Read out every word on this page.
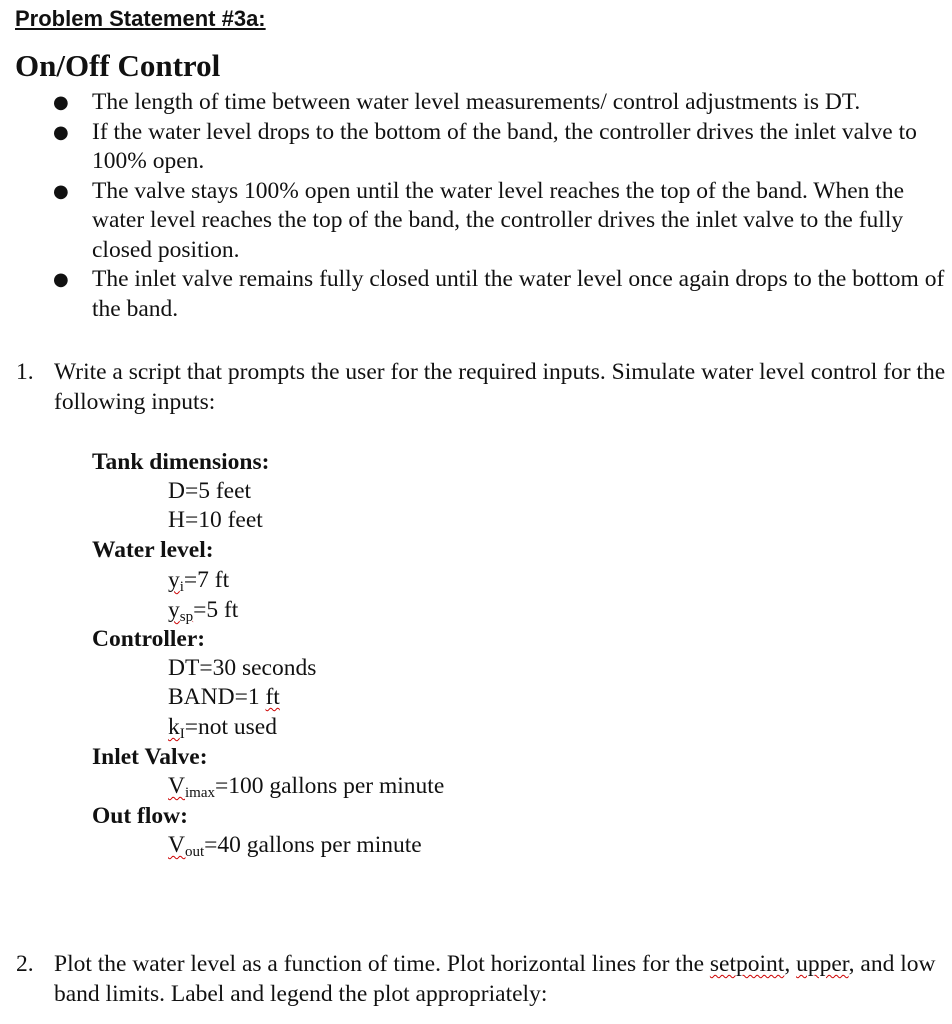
Problem Statement #3a:
On/Off Control
● The length of time between water level measurements/ control adjustments is DT.
● If the water level drops to the bottom of the band, the controller drives the inlet valve to 100% open.
● The valve stays 100% open until the water level reaches the top of the band. When the water level reaches the top of the band, the controller drives the inlet valve to the fully closed position.
● The inlet valve remains fully closed until the water level once again drops to the bottom of the band.
1. Write a script that prompts the user for the required inputs. Simulate water level control for the following inputs:
Tank dimensions:
D=5 feet
H=10 feet
Water level:
$y_i=7$ ft
$y_{sp}=5$ ft
Controller:
DT=30 seconds
BAND=1 ft
$k_I=not$ used
Inlet Valve:
$V_{imax}=100$ gallons per minute
Out flow:
$V_{out}=40$ gallons per minute
2. Plot the water level as a function of time. Plot horizontal lines for the setpoint, upper, and low band limits. Label and legend the plot appropriately:
